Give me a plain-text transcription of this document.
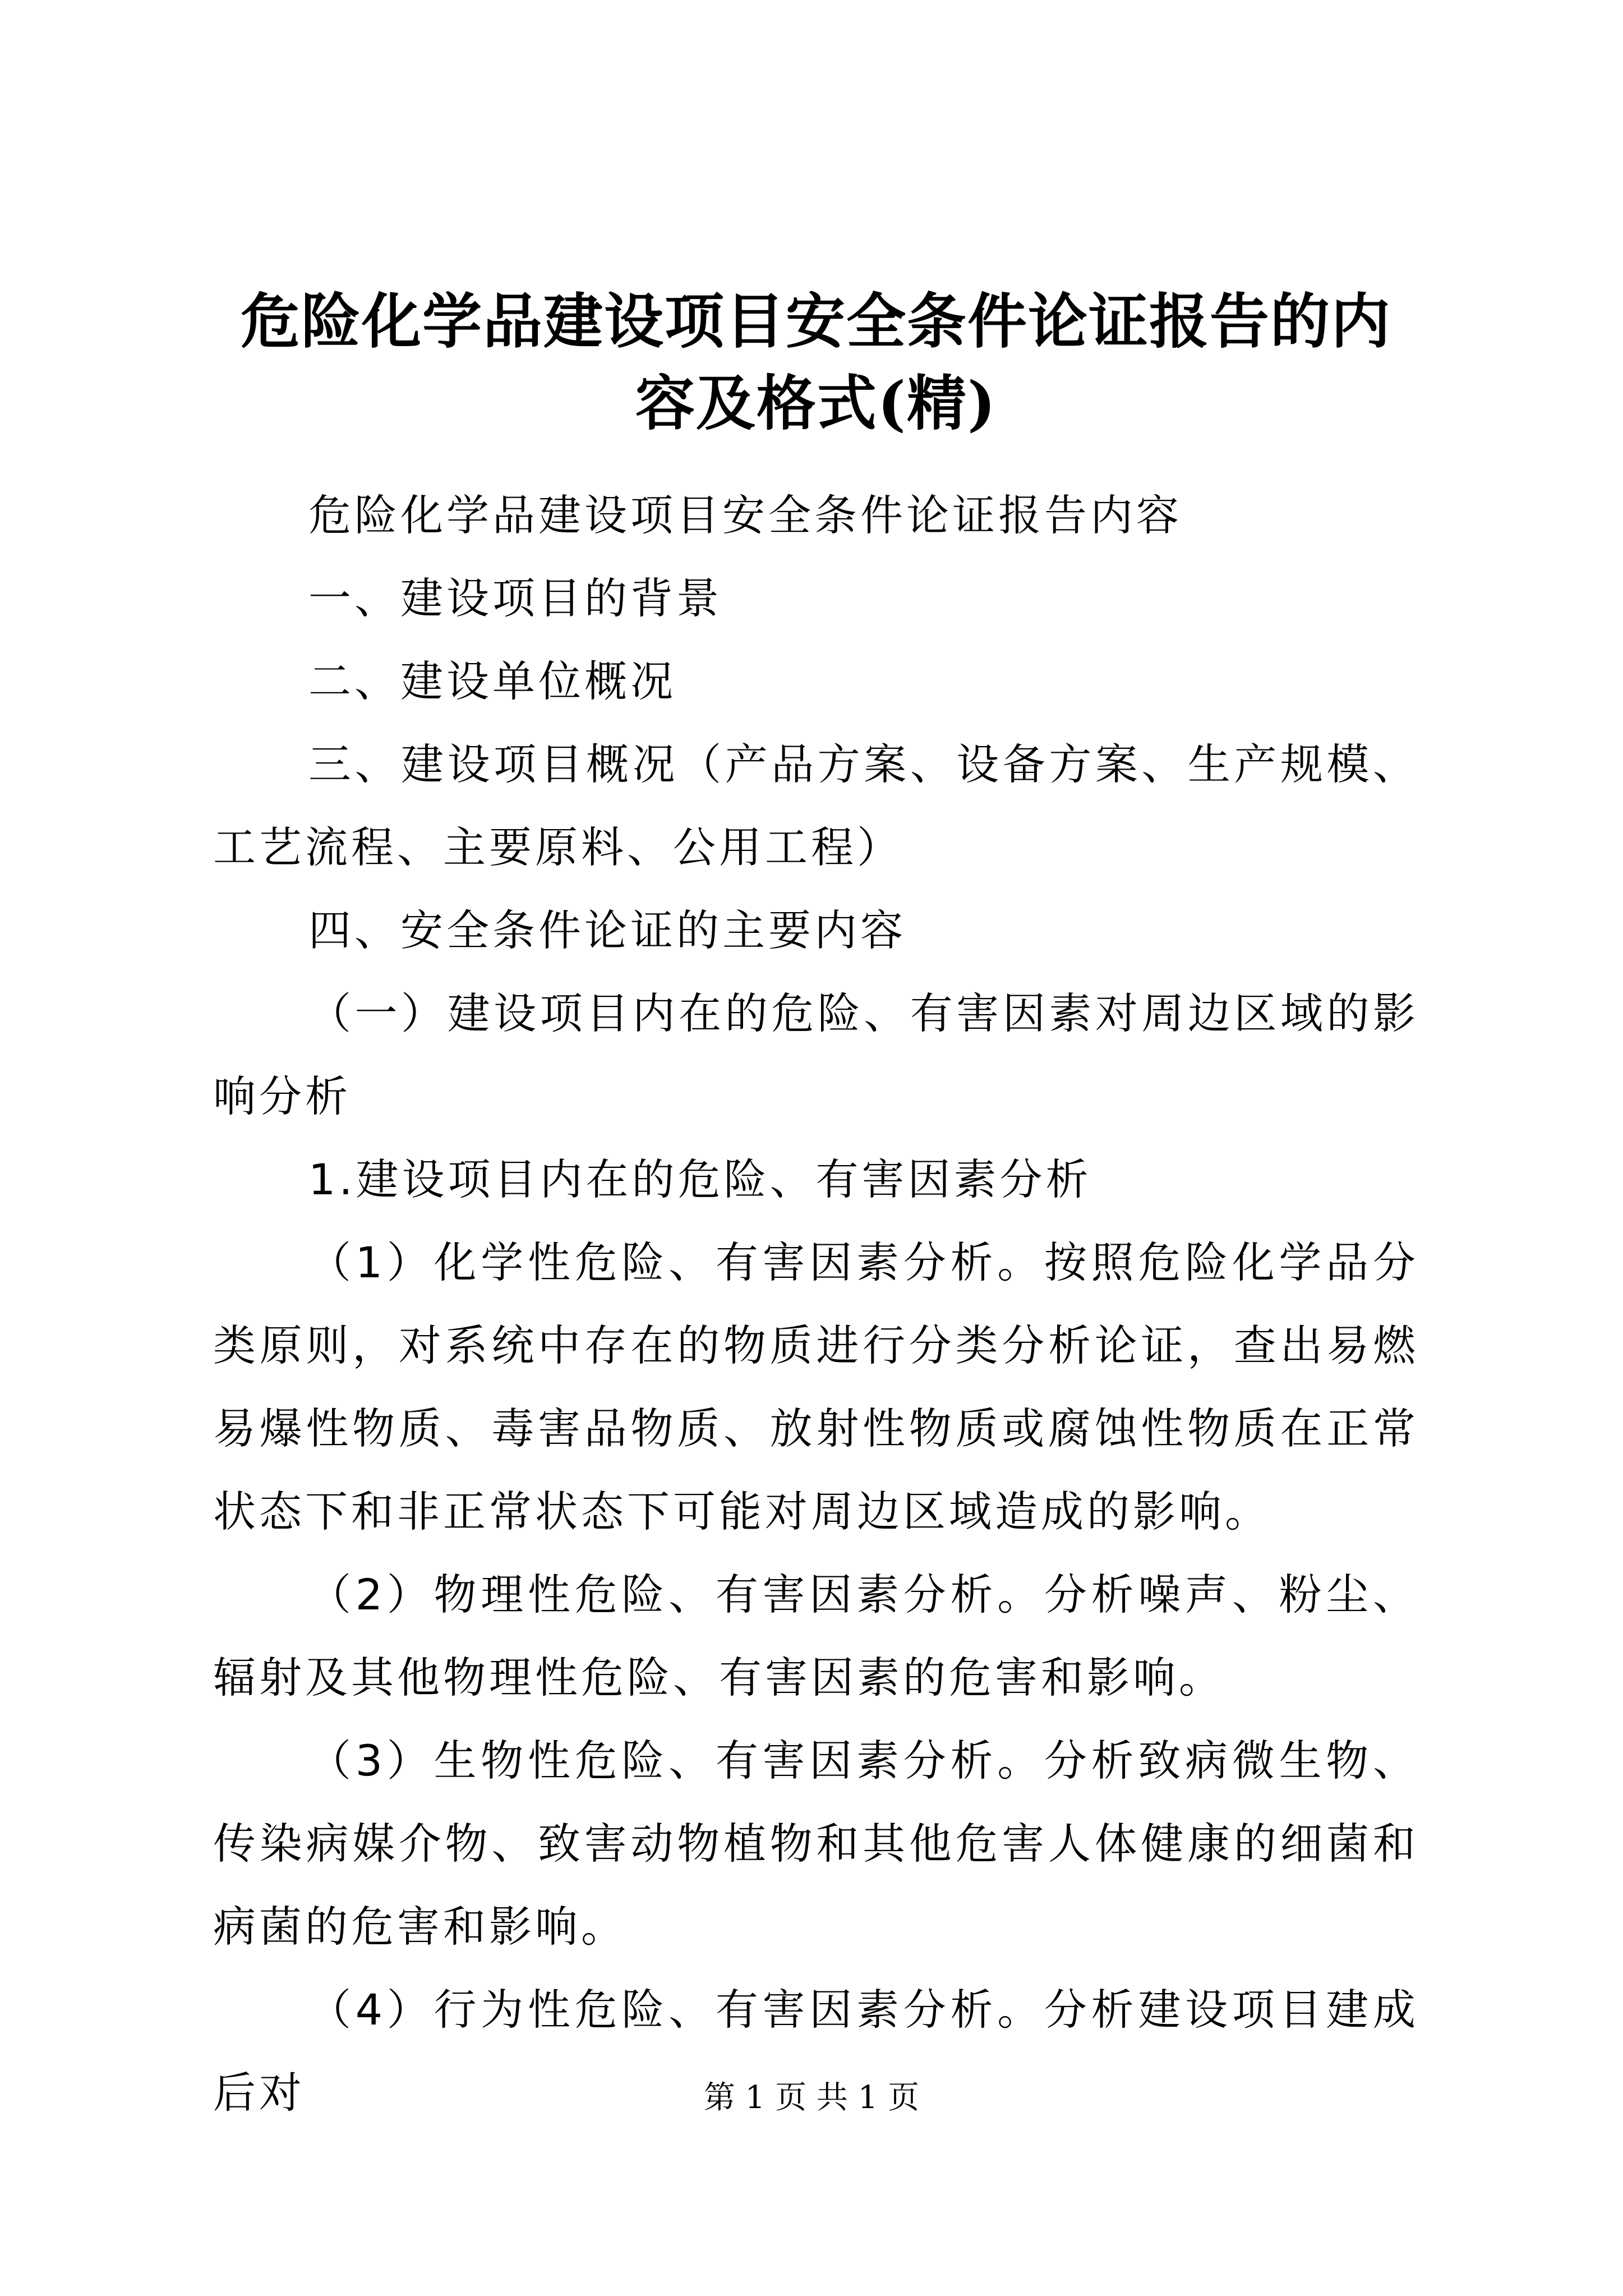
危险化学品建设项目安全条件论证报告的内容及格式(精)

危险化学品建设项目安全条件论证报告内容

一、建设项目的背景

二、建设单位概况

三、建设项目概况（产品方案、设备方案、生产规模、工艺流程、主要原料、公用工程）

四、安全条件论证的主要内容

（一）建设项目内在的危险、有害因素对周边区域的影响分析

1.建设项目内在的危险、有害因素分析

（1）化学性危险、有害因素分析。按照危险化学品分类原则，对系统中存在的物质进行分类分析论证，查出易燃易爆性物质、毒害品物质、放射性物质或腐蚀性物质在正常状态下和非正常状态下可能对周边区域造成的影响。

（2）物理性危险、有害因素分析。分析噪声、粉尘、辐射及其他物理性危险、有害因素的危害和影响。

（3）生物性危险、有害因素分析。分析致病微生物、传染病媒介物、致害动物植物和其他危害人体健康的细菌和病菌的危害和影响。

（4）行为性危险、有害因素分析。分析建设项目建成后对	第 1 页 共 1 页
